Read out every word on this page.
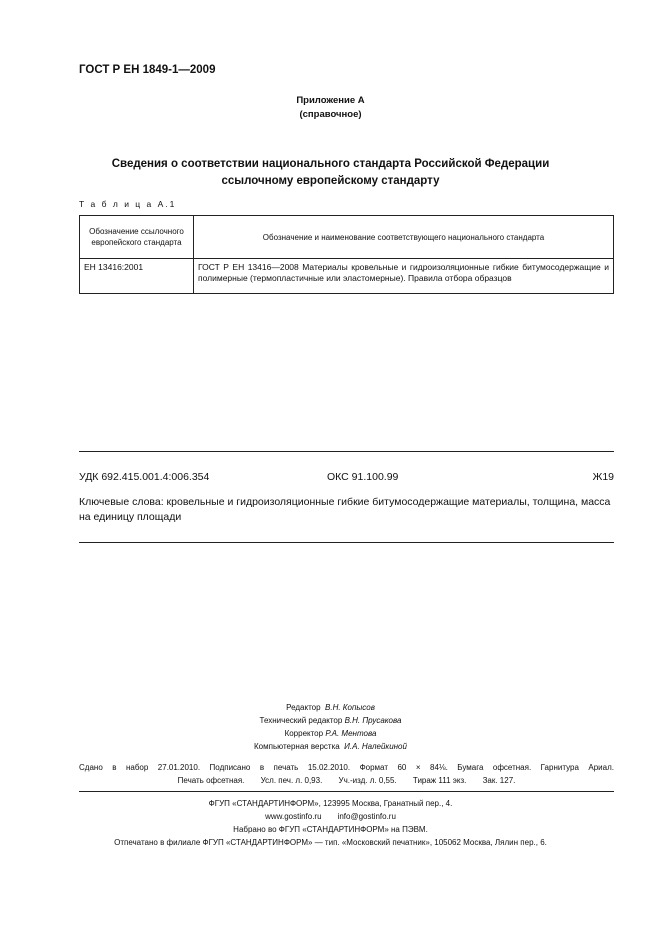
ГОСТ Р ЕН 1849-1—2009
Приложение А
(справочное)
Сведения о соответствии национального стандарта Российской Федерации
ссылочному европейскому стандарту
Т а б л и ц а А.1
Обозначение ссылочного европейского стандарта	Обозначение и наименование соответствующего национального стандарта
ЕН 13416:2001	ГОСТ Р ЕН 13416—2008 Материалы кровельные и гидроизоляционные гибкие битумосодержащие и полимерные (термопластичные или эластомерные). Правила отбора образцов
УДК 692.415.001.4:006.354	ОКС 91.100.99	Ж19
Ключевые слова: кровельные и гидроизоляционные гибкие битумосодержащие материалы, толщина, масса на единицу площади
Редактор В.Н. Копысов
Технический редактор В.Н. Прусакова
Корректор Р.А. Ментова
Компьютерная верстка И.А. Налейкиной
Сдано в набор 27.01.2010. Подписано в печать 15.02.2010. Формат 60 × 84⅛. Бумага офсетная. Гарнитура Ариал.
Печать офсетная. Усл. печ. л. 0,93. Уч.-изд. л. 0,55. Тираж 111 экз. Зак. 127.
ФГУП «СТАНДАРТИНФОРМ», 123995 Москва, Гранатный пер., 4.
www.gostinfo.ru info@gostinfo.ru
Набрано во ФГУП «СТАНДАРТИНФОРМ» на ПЭВМ.
Отпечатано в филиале ФГУП «СТАНДАРТИНФОРМ» — тип. «Московский печатник», 105062 Москва, Лялин пер., 6.
